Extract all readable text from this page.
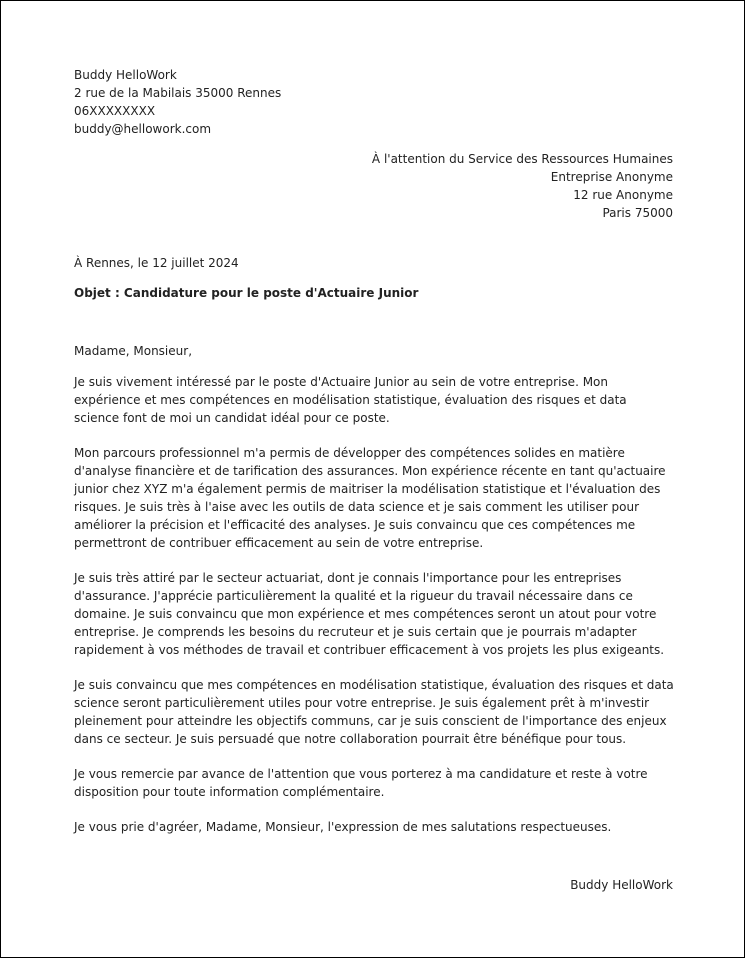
Buddy HelloWork
2 rue de la Mabilais 35000 Rennes
06XXXXXXXX
buddy@hellowork.com
À l'attention du Service des Ressources Humaines
Entreprise Anonyme
12 rue Anonyme
Paris 75000
À Rennes, le 12 juillet 2024
Objet : Candidature pour le poste d'Actuaire Junior

Madame, Monsieur,

Je suis vivement intéressé par le poste d'Actuaire Junior au sein de votre entreprise. Mon expérience et mes compétences en modélisation statistique, évaluation des risques et data science font de moi un candidat idéal pour ce poste.

Mon parcours professionnel m'a permis de développer des compétences solides en matière d'analyse financière et de tarification des assurances. Mon expérience récente en tant qu'actuaire junior chez XYZ m'a également permis de maitriser la modélisation statistique et l'évaluation des risques. Je suis très à l'aise avec les outils de data science et je sais comment les utiliser pour améliorer la précision et l'efficacité des analyses. Je suis convaincu que ces compétences me permettront de contribuer efficacement au sein de votre entreprise.

Je suis très attiré par le secteur actuariat, dont je connais l'importance pour les entreprises d'assurance. J'apprécie particulièrement la qualité et la rigueur du travail nécessaire dans ce domaine. Je suis convaincu que mon expérience et mes compétences seront un atout pour votre entreprise. Je comprends les besoins du recruteur et je suis certain que je pourrais m'adapter rapidement à vos méthodes de travail et contribuer efficacement à vos projets les plus exigeants.

Je suis convaincu que mes compétences en modélisation statistique, évaluation des risques et data science seront particulièrement utiles pour votre entreprise. Je suis également prêt à m'investir pleinement pour atteindre les objectifs communs, car je suis conscient de l'importance des enjeux dans ce secteur. Je suis persuadé que notre collaboration pourrait être bénéfique pour tous.

Je vous remercie par avance de l'attention que vous porterez à ma candidature et reste à votre disposition pour toute information complémentaire.

Je vous prie d'agréer, Madame, Monsieur, l'expression de mes salutations respectueuses.

Buddy HelloWork
